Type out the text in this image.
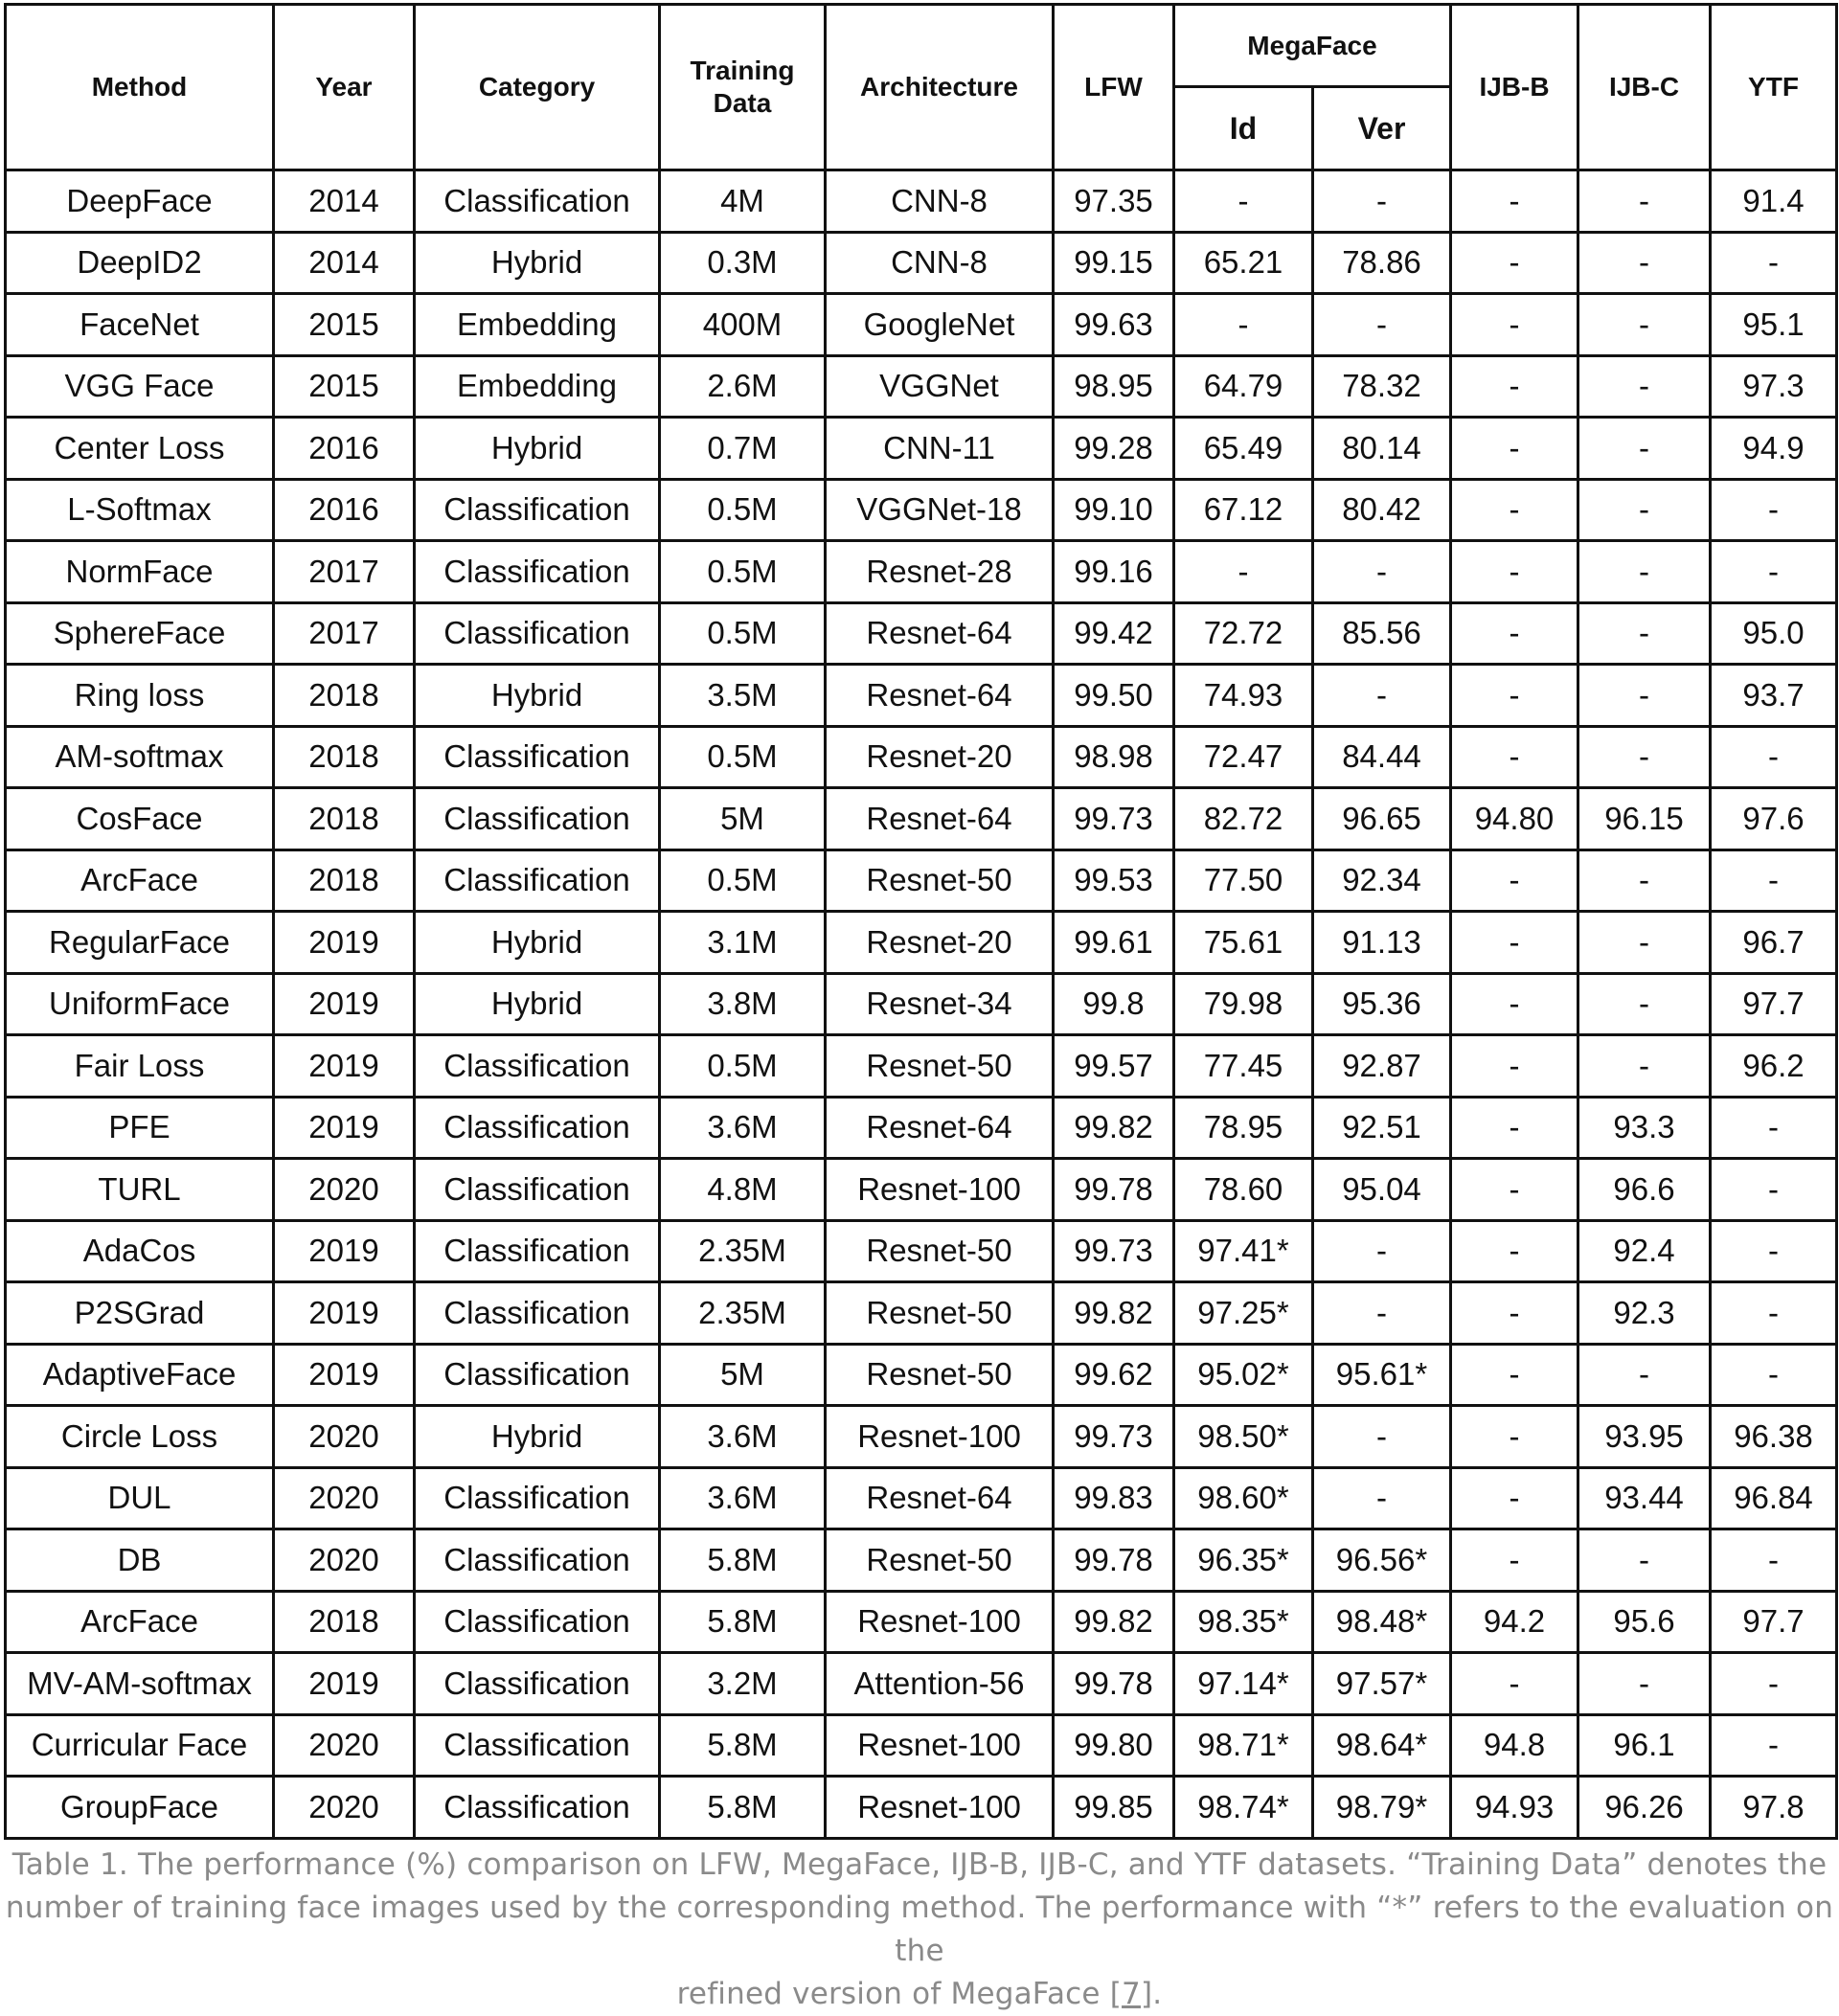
Method	Year	Category	Training Data	Architecture	LFW	MegaFace		IJB-B	IJB-C	YTF
						Id	Ver			
DeepFace	2014	Classification	4M	CNN-8	97.35	-	-	-	-	91.4
DeepID2	2014	Hybrid	0.3M	CNN-8	99.15	65.21	78.86	-	-	-
FaceNet	2015	Embedding	400M	GoogleNet	99.63	-	-	-	-	95.1
VGG Face	2015	Embedding	2.6M	VGGNet	98.95	64.79	78.32	-	-	97.3
Center Loss	2016	Hybrid	0.7M	CNN-11	99.28	65.49	80.14	-	-	94.9
L-Softmax	2016	Classification	0.5M	VGGNet-18	99.10	67.12	80.42	-	-	-
NormFace	2017	Classification	0.5M	Resnet-28	99.16	-	-	-	-	-
SphereFace	2017	Classification	0.5M	Resnet-64	99.42	72.72	85.56	-	-	95.0
Ring loss	2018	Hybrid	3.5M	Resnet-64	99.50	74.93	-	-	-	93.7
AM-softmax	2018	Classification	0.5M	Resnet-20	98.98	72.47	84.44	-	-	-
CosFace	2018	Classification	5M	Resnet-64	99.73	82.72	96.65	94.80	96.15	97.6
ArcFace	2018	Classification	0.5M	Resnet-50	99.53	77.50	92.34	-	-	-
RegularFace	2019	Hybrid	3.1M	Resnet-20	99.61	75.61	91.13	-	-	96.7
UniformFace	2019	Hybrid	3.8M	Resnet-34	99.8	79.98	95.36	-	-	97.7
Fair Loss	2019	Classification	0.5M	Resnet-50	99.57	77.45	92.87	-	-	96.2
PFE	2019	Classification	3.6M	Resnet-64	99.82	78.95	92.51	-	93.3	-
TURL	2020	Classification	4.8M	Resnet-100	99.78	78.60	95.04	-	96.6	-
AdaCos	2019	Classification	2.35M	Resnet-50	99.73	97.41*	-	-	92.4	-
P2SGrad	2019	Classification	2.35M	Resnet-50	99.82	97.25*	-	-	92.3	-
AdaptiveFace	2019	Classification	5M	Resnet-50	99.62	95.02*	95.61*	-	-	-
Circle Loss	2020	Hybrid	3.6M	Resnet-100	99.73	98.50*	-	-	93.95	96.38
DUL	2020	Classification	3.6M	Resnet-64	99.83	98.60*	-	-	93.44	96.84
DB	2020	Classification	5.8M	Resnet-50	99.78	96.35*	96.56*	-	-	-
ArcFace	2018	Classification	5.8M	Resnet-100	99.82	98.35*	98.48*	94.2	95.6	97.7
MV-AM-softmax	2019	Classification	3.2M	Attention-56	99.78	97.14*	97.57*	-	-	-
Curricular Face	2020	Classification	5.8M	Resnet-100	99.80	98.71*	98.64*	94.8	96.1	-
GroupFace	2020	Classification	5.8M	Resnet-100	99.85	98.74*	98.79*	94.93	96.26	97.8
Table 1. The performance (%) comparison on LFW, MegaFace, IJB-B, IJB-C, and YTF datasets. “Training Data” denotes the
number of training face images used by the corresponding method. The performance with “*” refers to the evaluation on the
refined version of MegaFace [7].
